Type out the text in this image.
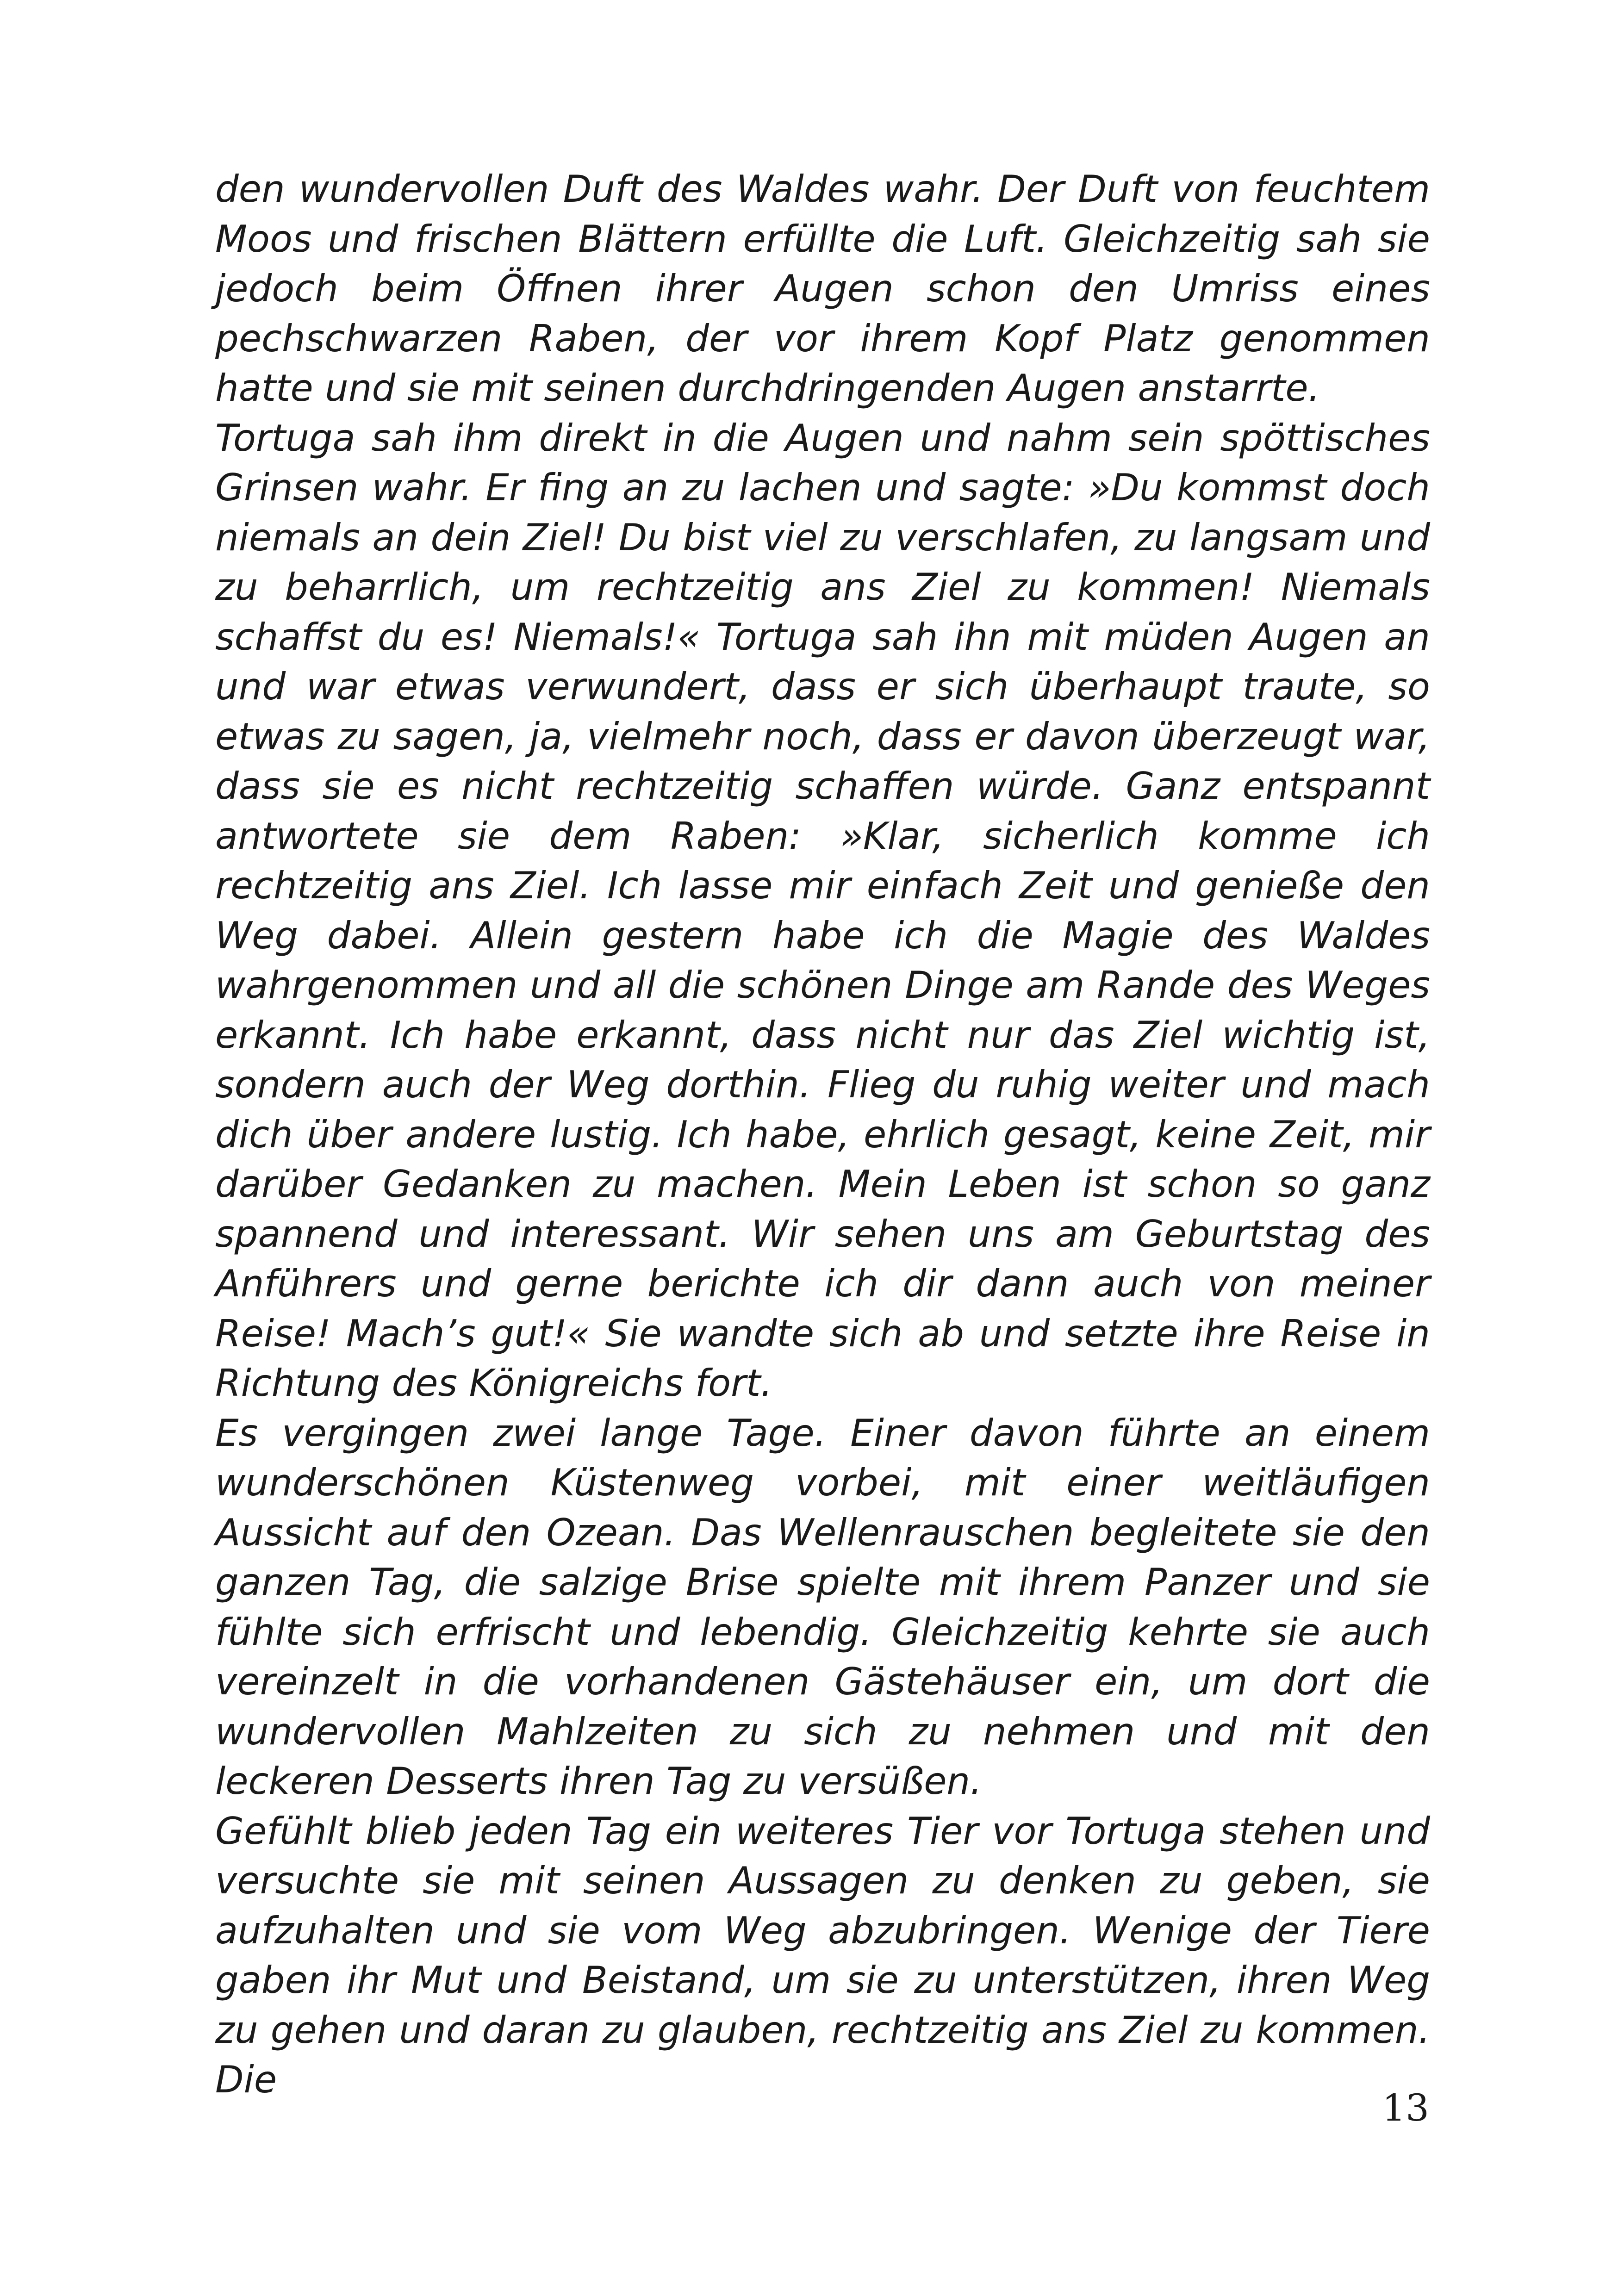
den wundervollen Duft des Waldes wahr. Der Duft von feuchtem Moos und frischen Blättern erfüllte die Luft. Gleichzeitig sah sie jedoch beim Öffnen ihrer Augen schon den Umriss eines pechschwarzen Raben, der vor ihrem Kopf Platz genommen hatte und sie mit seinen durchdringenden Augen anstarrte.

Tortuga sah ihm direkt in die Augen und nahm sein spöttisches Grinsen wahr. Er fing an zu lachen und sagte: »Du kommst doch niemals an dein Ziel! Du bist viel zu verschlafen, zu langsam und zu beharrlich, um rechtzeitig ans Ziel zu kommen! Niemals schaffst du es! Niemals!« Tortuga sah ihn mit müden Augen an und war etwas verwundert, dass er sich überhaupt traute, so etwas zu sagen, ja, vielmehr noch, dass er davon überzeugt war, dass sie es nicht rechtzeitig schaffen würde. Ganz entspannt antwortete sie dem Raben: »Klar, sicherlich komme ich rechtzeitig ans Ziel. Ich lasse mir einfach Zeit und genieße den Weg dabei. Allein gestern habe ich die Magie des Waldes wahrgenommen und all die schönen Dinge am Rande des Weges erkannt. Ich habe erkannt, dass nicht nur das Ziel wichtig ist, sondern auch der Weg dorthin. Flieg du ruhig weiter und mach dich über andere lustig. Ich habe, ehrlich gesagt, keine Zeit, mir darüber Gedanken zu machen. Mein Leben ist schon so ganz spannend und interessant. Wir sehen uns am Geburtstag des Anführers und gerne berichte ich dir dann auch von meiner Reise! Mach’s gut!« Sie wandte sich ab und setzte ihre Reise in Richtung des Königreichs fort.

Es vergingen zwei lange Tage. Einer davon führte an einem wunderschönen Küstenweg vorbei, mit einer weitläufigen Aussicht auf den Ozean. Das Wellenrauschen begleitete sie den ganzen Tag, die salzige Brise spielte mit ihrem Panzer und sie fühlte sich erfrischt und lebendig. Gleichzeitig kehrte sie auch vereinzelt in die vorhandenen Gästehäuser ein, um dort die wundervollen Mahlzeiten zu sich zu nehmen und mit den leckeren Desserts ihren Tag zu versüßen.

Gefühlt blieb jeden Tag ein weiteres Tier vor Tortuga stehen und versuchte sie mit seinen Aussagen zu denken zu geben, sie aufzuhalten und sie vom Weg abzubringen. Wenige der Tiere gaben ihr Mut und Beistand, um sie zu unterstützen, ihren Weg zu gehen und daran zu glauben, rechtzeitig ans Ziel zu kommen. Die

13
